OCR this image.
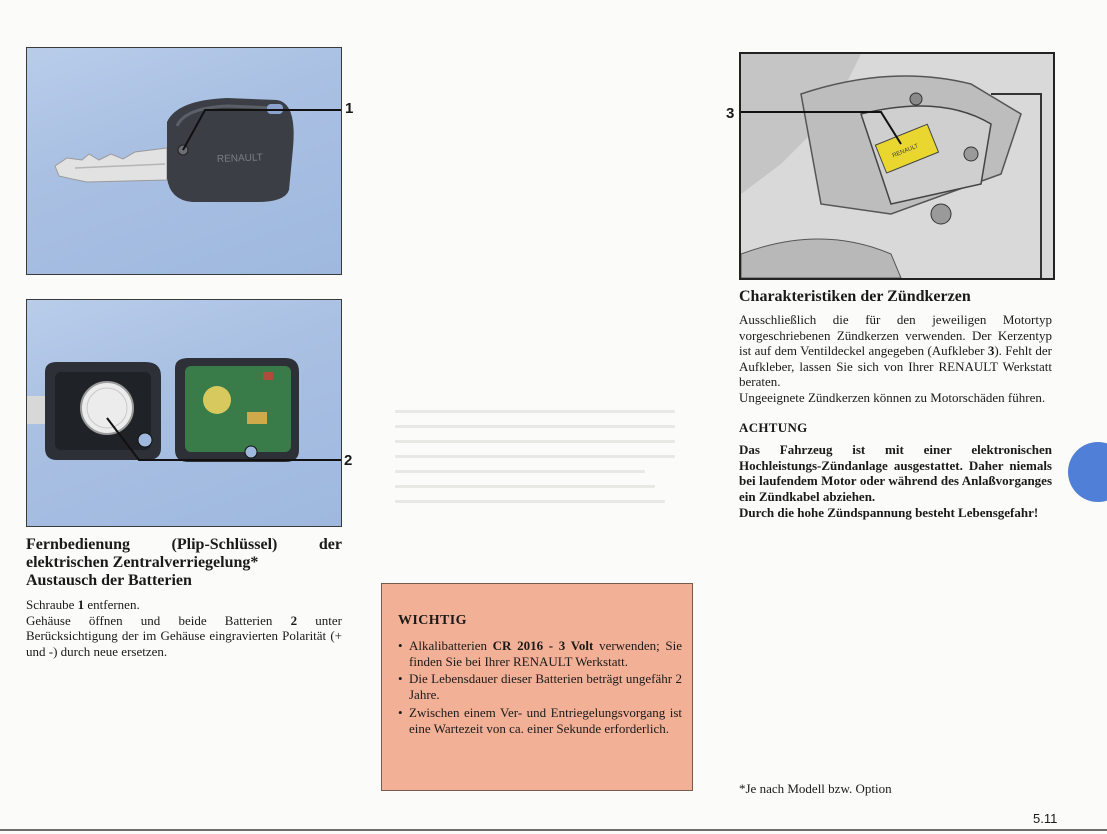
RENAULT
1
2
RENAULT
3
Fernbedienung	(Plip-Schlüssel)	der
elektrischen Zentralverriegelung*
Austausch der Batterien
Schraube 1 entfernen.
Gehäuse öffnen und beide Batterien 2 unter Berücksichtigung der im Gehäuse eingravierten Polarität (+ und -) durch neue ersetzen.
WICHTIG
• Alkalibatterien CR 2016 - 3 Volt verwenden; Sie finden Sie bei Ihrer RENAULT Werkstatt.
• Die Lebensdauer dieser Batterien beträgt ungefähr 2 Jahre.
• Zwischen einem Ver- und Entriegelungsvorgang ist eine Wartezeit von ca. einer Sekunde erforderlich.
Charakteristiken der Zündkerzen
Ausschließlich die für den jeweiligen Motortyp vorgeschriebenen Zündkerzen verwenden. Der Kerzentyp ist auf dem Ventildeckel angegeben (Aufkleber 3). Fehlt der Aufkleber, lassen Sie sich von Ihrer RENAULT Werkstatt beraten.
Ungeeignete Zündkerzen können zu Motorschäden führen.
ACHTUNG
Das Fahrzeug ist mit einer elektronischen Hochleistungs-Zündanlage ausgestattet. Daher niemals bei laufendem Motor oder während des Anlaßvorganges ein Zündkabel abziehen.
Durch die hohe Zündspannung besteht Lebensgefahr!
*Je nach Modell bzw. Option
5.11
